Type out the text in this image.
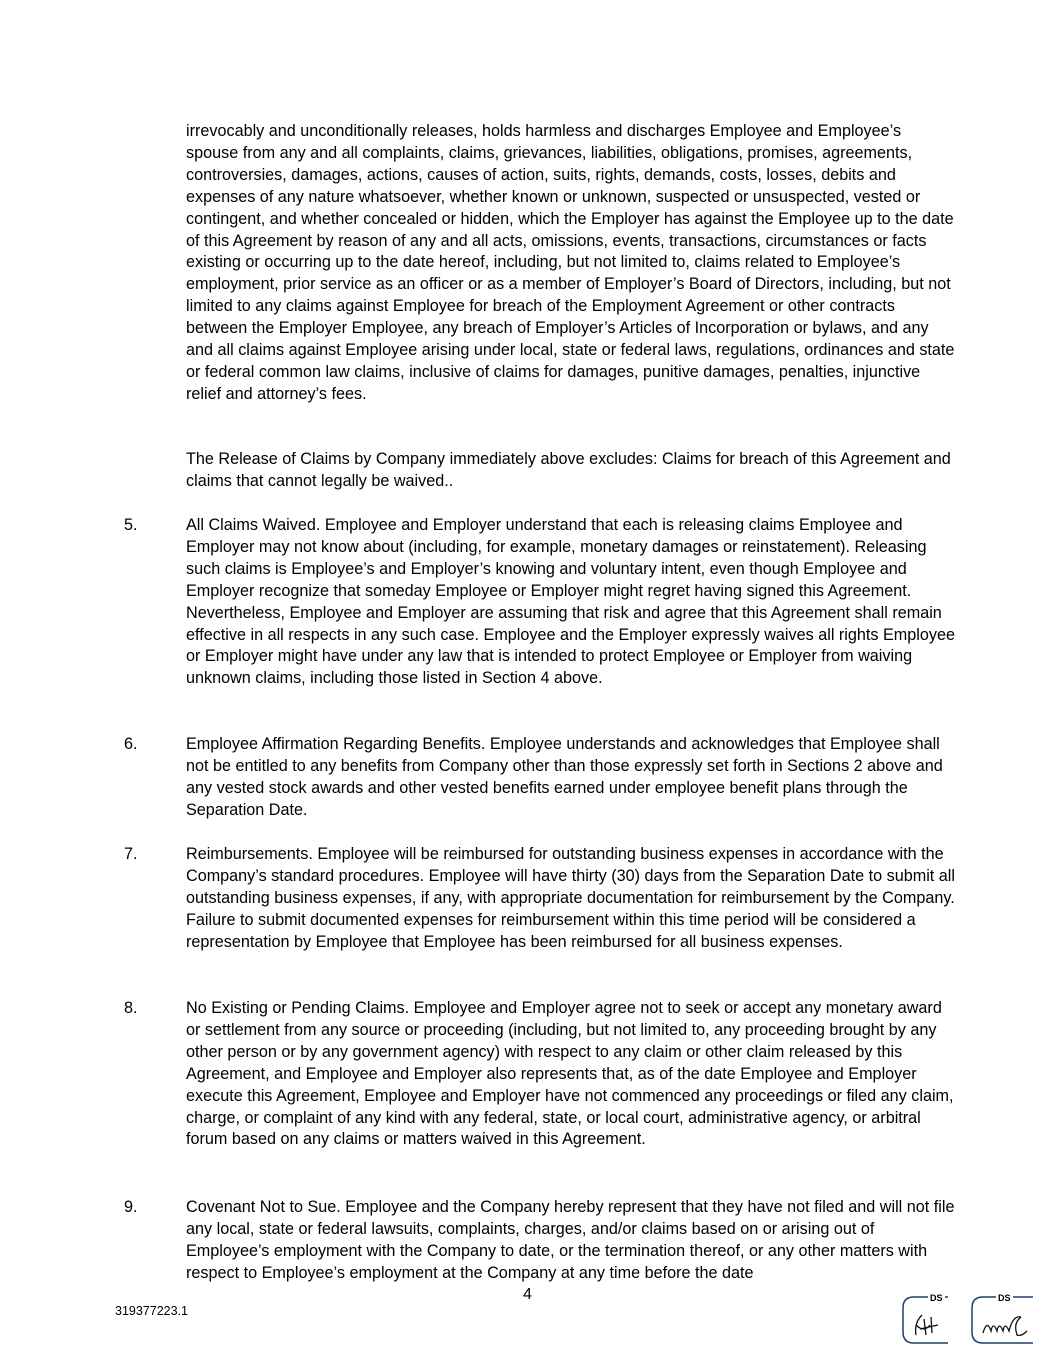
irrevocably and unconditionally releases, holds harmless and discharges Employee and Employee’s spouse from any and all complaints, claims, grievances, liabilities, obligations, promises, agreements, controversies, damages, actions, causes of action, suits, rights, demands, costs, losses, debits and expenses of any nature whatsoever, whether known or unknown, suspected or unsuspected, vested or contingent, and whether concealed or hidden, which the Employer has against the Employee up to the date of this Agreement by reason of any and all acts, omissions, events, transactions, circumstances or facts existing or occurring up to the date hereof, including, but not limited to, claims related to Employee’s employment, prior service as an officer or as a member of Employer’s Board of Directors, including, but not limited to any claims against Employee for breach of the Employment Agreement or other contracts between the Employer Employee, any breach of Employer’s Articles of Incorporation or bylaws, and any and all claims against Employee arising under local, state or federal laws, regulations, ordinances and state or federal common law claims, inclusive of claims for damages, punitive damages, penalties, injunctive relief and attorney’s fees.

The Release of Claims by Company immediately above excludes: Claims for breach of this Agreement and claims that cannot legally be waived..

5.	All Claims Waived. Employee and Employer understand that each is releasing claims Employee and Employer may not know about (including, for example, monetary damages or reinstatement). Releasing such claims is Employee’s and Employer’s knowing and voluntary intent, even though Employee and Employer recognize that someday Employee or Employer might regret having signed this Agreement. Nevertheless, Employee and Employer are assuming that risk and agree that this Agreement shall remain effective in all respects in any such case. Employee and the Employer expressly waives all rights Employee or Employer might have under any law that is intended to protect Employee or Employer from waiving unknown claims, including those listed in Section 4 above.

6.	Employee Affirmation Regarding Benefits. Employee understands and acknowledges that Employee shall not be entitled to any benefits from Company other than those expressly set forth in Sections 2 above and any vested stock awards and other vested benefits earned under employee benefit plans through the Separation Date.

7.	Reimbursements. Employee will be reimbursed for outstanding business expenses in accordance with the Company’s standard procedures. Employee will have thirty (30) days from the Separation Date to submit all outstanding business expenses, if any, with appropriate documentation for reimbursement by the Company. Failure to submit documented expenses for reimbursement within this time period will be considered a representation by Employee that Employee has been reimbursed for all business expenses.

8.	No Existing or Pending Claims. Employee and Employer agree not to seek or accept any monetary award or settlement from any source or proceeding (including, but not limited to, any proceeding brought by any other person or by any government agency) with respect to any claim or other claim released by this Agreement, and Employee and Employer also represents that, as of the date Employee and Employer execute this Agreement, Employee and Employer have not commenced any proceedings or filed any claim, charge, or complaint of any kind with any federal, state, or local court, administrative agency, or arbitral forum based on any claims or matters waived in this Agreement.

9.	Covenant Not to Sue. Employee and the Company hereby represent that they have not filed and will not file any local, state or federal lawsuits, complaints, charges, and/or claims based on or arising out of Employee’s employment with the Company to date, or the termination thereof, or any other matters with respect to Employee’s employment at the Company at any time before the date

4
319377223.1
DS	DS
